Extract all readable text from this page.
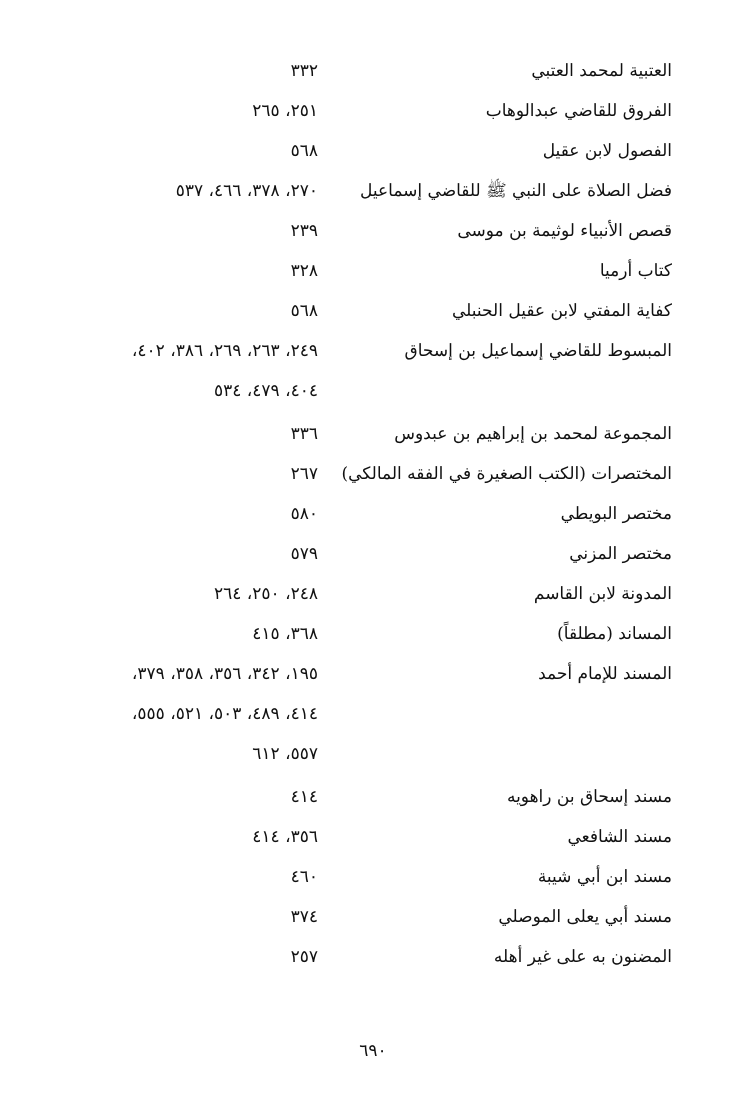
العتبية لمحمد العتبي
٣٣٢
الفروق للقاضي عبدالوهاب
٢٥١، ٢٦٥
الفصول لابن عقيل
٥٦٨
فضل الصلاة على النبي ﷺ للقاضي إسماعيل
٢٧٠، ٣٧٨، ٤٦٦، ٥٣٧
قصص الأنبياء لوثيمة بن موسى
٢٣٩
كتاب أرميا
٣٢٨
كفاية المفتي لابن عقيل الحنبلي
٥٦٨
المبسوط للقاضي إسماعيل بن إسحاق
٢٤٩، ٢٦٣، ٢٦٩، ٣٨٦، ٤٠٢،
٤٠٤، ٤٧٩، ٥٣٤
المجموعة لمحمد بن إبراهيم بن عبدوس
٣٣٦
المختصرات (الكتب الصغيرة في الفقه المالكي)
٢٦٧
مختصر البويطي
٥٨٠
مختصر المزني
٥٧٩
المدونة لابن القاسم
٢٤٨، ٢٥٠، ٢٦٤
المساند (مطلقاً)
٣٦٨، ٤١٥
المسند للإمام أحمد
١٩٥، ٣٤٢، ٣٥٦، ٣٥٨، ٣٧٩،
٤١٤، ٤٨٩، ٥٠٣، ٥٢١، ٥٥٥،
٥٥٧، ٦١٢
مسند إسحاق بن راهويه
٤١٤
مسند الشافعي
٣٥٦، ٤١٤
مسند ابن أبي شيبة
٤٦٠
مسند أبي يعلى الموصلي
٣٧٤
المضنون به على غير أهله
٢٥٧
٦٩٠
